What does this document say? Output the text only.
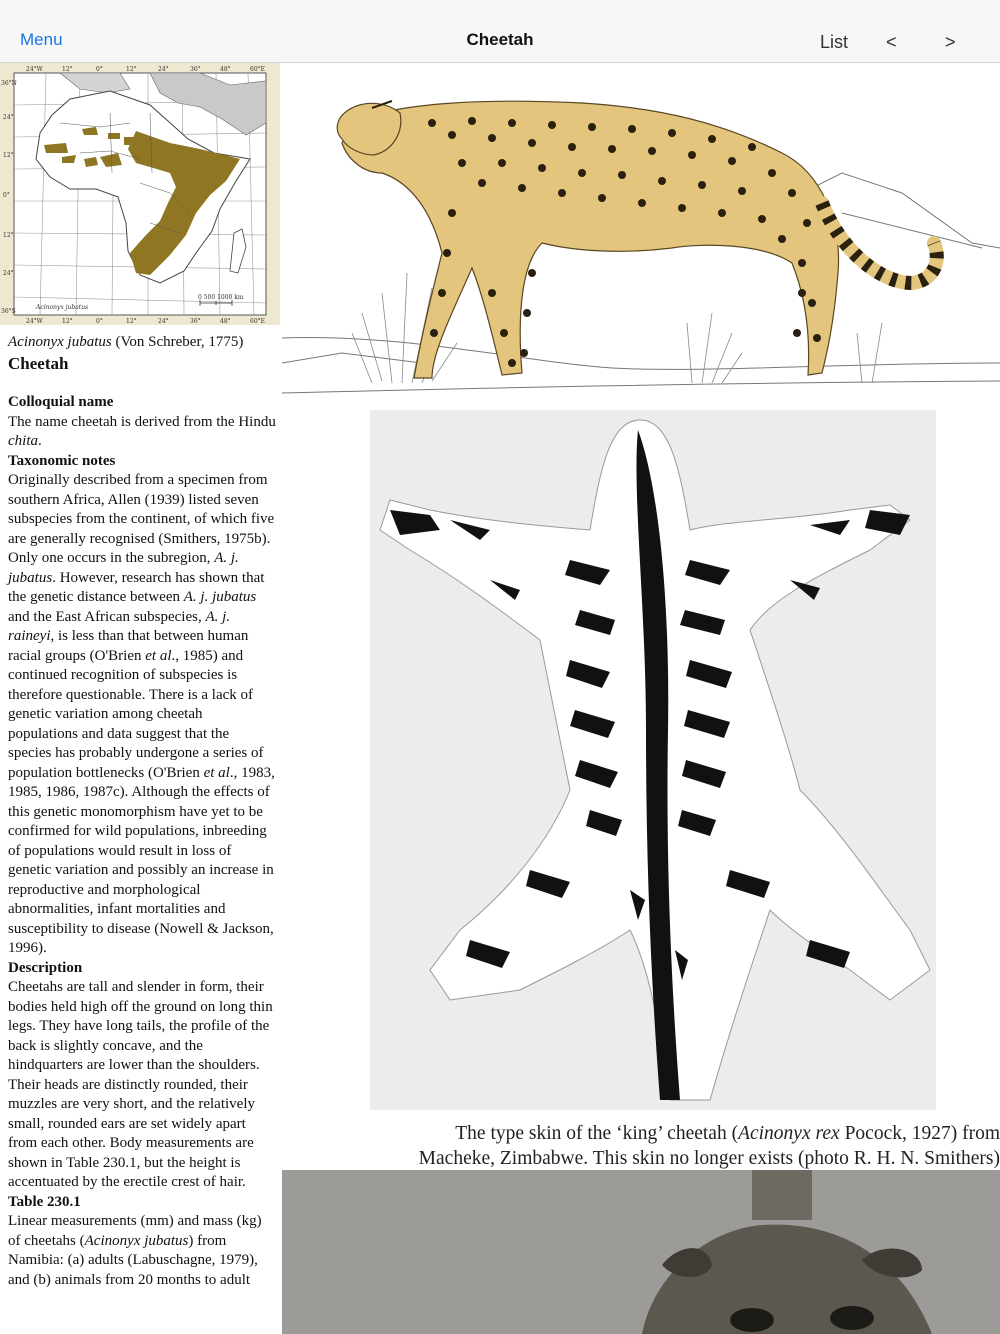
Menu	Cheetah	List <	>
24°W	12°	0°	12°	24°	36°	48°	60°E
24°W	12°	0°	12°	24°	36°	48°	60°E
36°N
24°
12°
0°
12°
24°
36°S
0 500 1000 km
Acinonyx jubatus
Acinonyx jubatus (Von Schreber, 1775)
Cheetah

Colloquial name

The name cheetah is derived from the Hindu chita.

Taxonomic notes

Originally described from a specimen from southern Africa, Allen (1939) listed seven subspecies from the continent, of which five are generally recognised (Smithers, 1975b). Only one occurs in the subregion, A. j. jubatus. However, research has shown that the genetic distance between A. j. jubatus and the East African subspecies, A. j. raineyi, is less than that between human racial groups (O'Brien et al., 1985) and continued recognition of subspecies is therefore questionable. There is a lack of genetic variation among cheetah populations and data suggest that the species has probably undergone a series of population bottlenecks (O'Brien et al., 1983, 1985, 1986, 1987c). Although the effects of this genetic monomorphism have yet to be confirmed for wild populations, inbreeding of populations would result in loss of genetic variation and possibly an increase in reproductive and morphological abnormalities, infant mortalities and susceptibility to disease (Nowell & Jackson, 1996).

Description

Cheetahs are tall and slender in form, their bodies held high off the ground on long thin legs. They have long tails, the profile of the back is slightly concave, and the hindquarters are lower than the shoulders. Their heads are distinctly rounded, their muzzles are very short, and the relatively small, rounded ears are set widely apart from each other. Body measurements are shown in Table 230.1, but the height is accentuated by the erectile crest of hair.

Table 230.1

Linear measurements (mm) and mass (kg) of cheetahs (Acinonyx jubatus) from Namibia: (a) adults (Labuschagne, 1979), and (b) animals from 20 months to adult

The type skin of the ‘king’ cheetah (Acinonyx rex Pocock, 1927) from
Macheke, Zimbabwe. This skin no longer exists (photo R. H. N. Smithers)
